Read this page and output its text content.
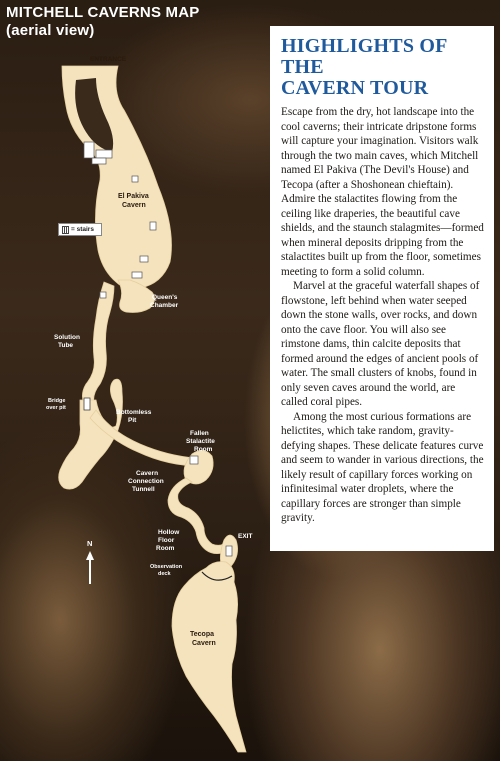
MITCHELL CAVERNS MAP
(aerial view)
ENTRANCE
El Pakiva
Cavern
Queen's
Chamber
Solution
Tube
Bridge
over pit
Bottomless
Pit
Fallen
Stalactite
Room
Cavern
Connection
Tunnell
Hollow
Floor
Room
EXIT
Observation
deck
Tecopa
Cavern
N
= stairs
HIGHLIGHTS OF THE
CAVERN TOUR

Escape from the dry, hot landscape into the cool caverns; their intricate dripstone forms will capture your imagination. Visitors walk through the two main caves, which Mitchell named El Pakiva (The Devil's House) and Tecopa (after a Shoshonean chieftain). Admire the stalactites flowing from the ceiling like draperies, the beautiful cave shields, and the staunch stalagmites—formed when mineral deposits dripping from the stalactites built up from the floor, sometimes meeting to form a solid column.

Marvel at the graceful waterfall shapes of flowstone, left behind when water seeped down the stone walls, over rocks, and down onto the cave floor. You will also see rimstone dams, thin calcite deposits that formed around the edges of ancient pools of water. The small clusters of knobs, found in only seven caves around the world, are called coral pipes.

Among the most curious formations are helictites, which take random, gravity-defying shapes. These delicate features curve and seem to wander in various directions, the likely result of capillary forces working on infinitesimal water droplets, where the capillary forces are stronger than simple gravity.
